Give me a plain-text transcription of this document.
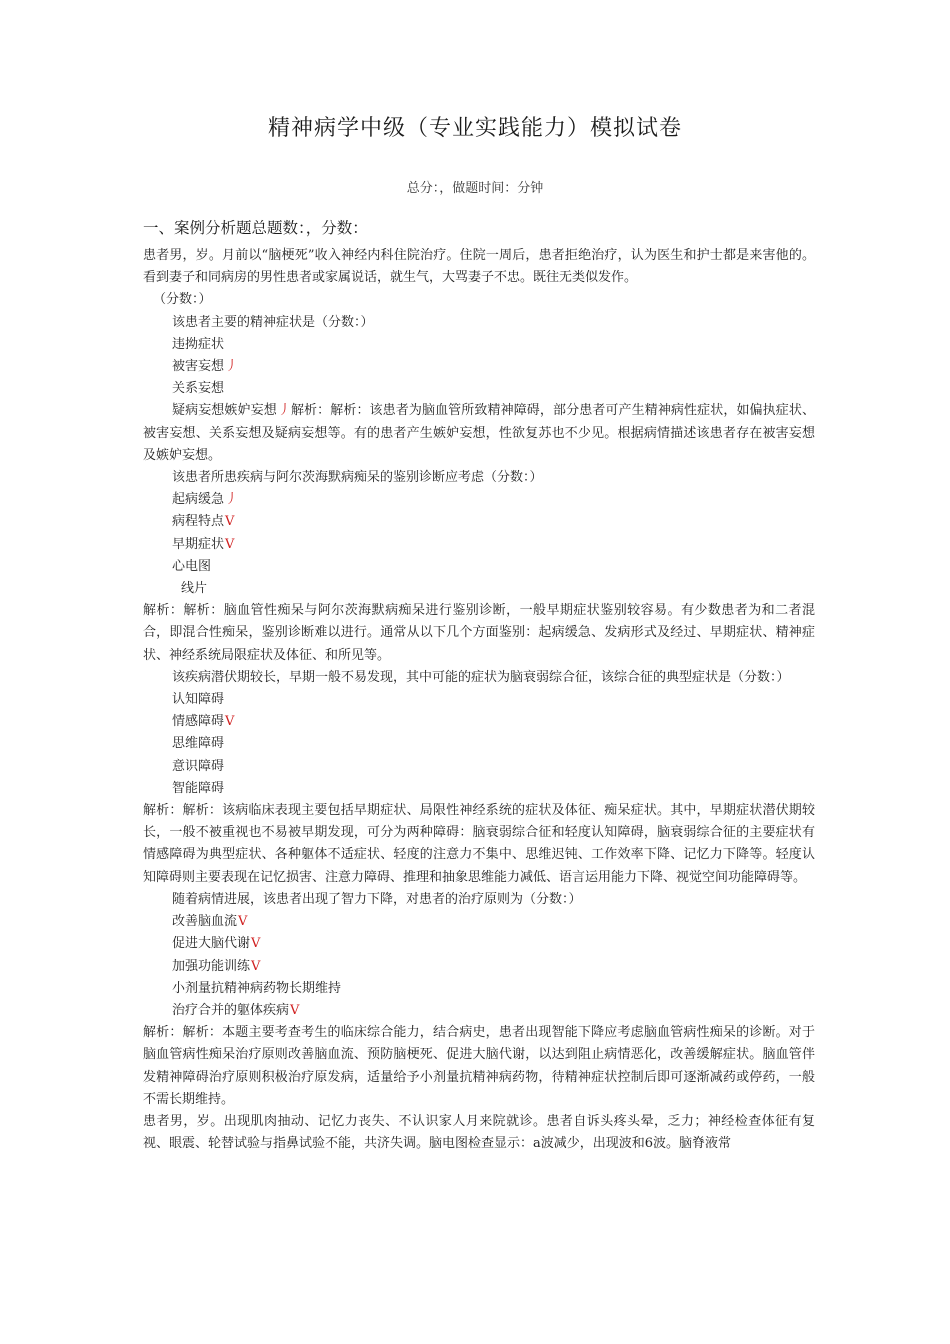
精神病学中级（专业实践能力）模拟试卷
总分：，做题时间：分钟
一、案例分析题总题数：，分数：

患者男，岁。月前以“脑梗死”收入神经内科住院治疗。住院一周后，患者拒绝治疗，认为医生和护士都是来害他的。看到妻子和同病房的男性患者或家属说话，就生气，大骂妻子不忠。既往无类似发作。

（分数：）

该患者主要的精神症状是（分数：）

违拗症状

被害妄想丿

关系妄想

疑病妄想嫉妒妄想丿解析：解析：该患者为脑血管所致精神障碍，部分患者可产生精神病性症状，如偏执症状、被害妄想、关系妄想及疑病妄想等。有的患者产生嫉妒妄想，性欲复苏也不少见。根据病情描述该患者存在被害妄想及嫉妒妄想。

该患者所患疾病与阿尔茨海默病痴呆的鉴别诊断应考虑（分数：）

起病缓急丿

病程特点V

早期症状V

心电图

线片

解析：解析：脑血管性痴呆与阿尔茨海默病痴呆进行鉴别诊断，一般早期症状鉴别较容易。有少数患者为和二者混合，即混合性痴呆，鉴别诊断难以进行。通常从以下几个方面鉴别：起病缓急、发病形式及经过、早期症状、精神症状、神经系统局限症状及体征、和所见等。

该疾病潜伏期较长，早期一般不易发现，其中可能的症状为脑衰弱综合征，该综合征的典型症状是（分数：）

认知障碍

情感障碍V

思维障碍

意识障碍

智能障碍

解析：解析：该病临床表现主要包括早期症状、局限性神经系统的症状及体征、痴呆症状。其中，早期症状潜伏期较长，一般不被重视也不易被早期发现，可分为两种障碍：脑衰弱综合征和轻度认知障碍，脑衰弱综合征的主要症状有情感障碍为典型症状、各种躯体不适症状、轻度的注意力不集中、思维迟钝、工作效率下降、记忆力下降等。轻度认知障碍则主要表现在记忆损害、注意力障碍、推理和抽象思维能力减低、语言运用能力下降、视觉空间功能障碍等。

随着病情进展，该患者出现了智力下降，对患者的治疗原则为（分数：）

改善脑血流V

促进大脑代谢V

加强功能训练V

小剂量抗精神病药物长期维持

治疗合并的躯体疾病V

解析：解析：本题主要考查考生的临床综合能力，结合病史，患者出现智能下降应考虑脑血管病性痴呆的诊断。对于脑血管病性痴呆治疗原则改善脑血流、预防脑梗死、促进大脑代谢，以达到阻止病情恶化，改善缓解症状。脑血管伴发精神障碍治疗原则积极治疗原发病，适量给予小剂量抗精神病药物，待精神症状控制后即可逐渐减药或停药，一般不需长期维持。

患者男，岁。出现肌肉抽动、记忆力丧失、不认识家人月来院就诊。患者自诉头疼头晕，乏力；神经检查体征有复视、眼震、轮替试验与指鼻试验不能，共济失调。脑电图检查显示：a波减少，出现波和6波。脑脊液常
